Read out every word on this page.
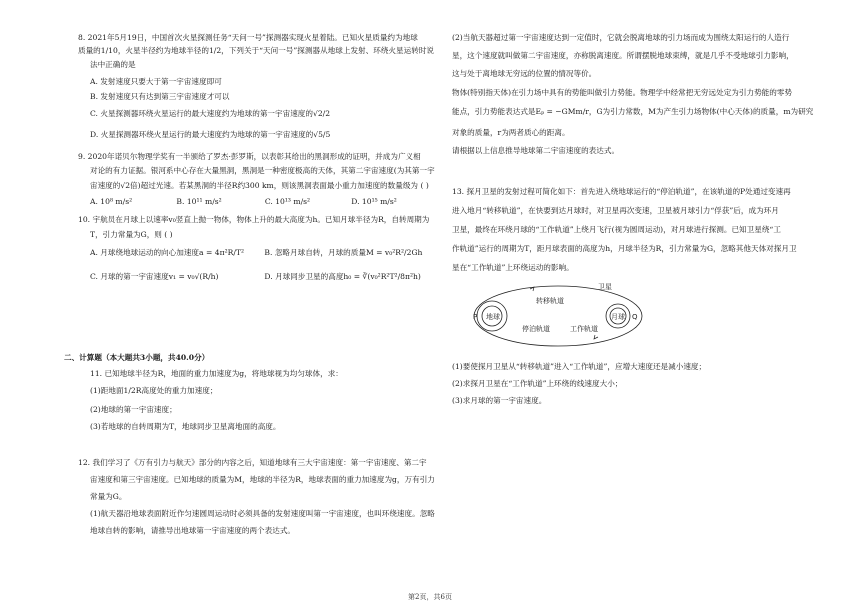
8. 2021年5月19日，中国首次火星探测任务“天问一号”探测器实现火星着陆。已知火星质量约为地球
质量的1/10，火星半径约为地球半径的1/2，下列关于“天问一号”探测器从地球上发射、环绕火星运转时说
法中正确的是
A. 发射速度只要大于第一宇宙速度即可
B. 发射速度只有达到第三宇宙速度才可以
C. 火星探测器环绕火星运行的最大速度约为地球的第一宇宙速度的√2/2
D. 火星探测器环绕火星运行的最大速度约为地球的第一宇宙速度的√5/5
9. 2020年诺贝尔物理学奖有一半颁给了罗杰·彭罗斯，以表彰其给出的黑洞形成的证明，并成为广义相
对论的有力证据。银河系中心存在大量黑洞，黑洞是一种密度极高的天体，其第二宇宙速度(为其第一宇
宙速度的√2倍)超过光速。若某黑洞的半径R约300 km，则该黑洞表面最小重力加速度的数量级为 ( )
A. 10⁸ m/s²	B. 10¹¹ m/s²	C. 10¹³ m/s²	D. 10¹⁵ m/s²
10. 宇航员在月球上以速率v₀竖直上抛一物体，物体上升的最大高度为h。已知月球半径为R，自转周期为
T，引力常量为G，则 ( )
A. 月球绕地球运动的向心加速度a = 4π²R/T²	B. 忽略月球自转，月球的质量M = v₀²R²/2Gh
C. 月球的第一宇宙速度v₁ = v₀√(R/h)	D. 月球同步卫星的高度h₀ = ∛(v₀²R²T²/8π²h)
二、计算题（本大题共3小题，共40.0分）
11. 已知地球半径为R，地面的重力加速度为g，将地球视为均匀球体，求：
(1)距地面1/2R高度处的重力加速度；
(2)地球的第一宇宙速度；
(3)若地球的自转周期为T，地球同步卫星离地面的高度。
12. 我们学习了《万有引力与航天》部分的内容之后，知道地球有三大宇宙速度：第一宇宙速度、第二宇
宙速度和第三宇宙速度。已知地球的质量为M，地球的半径为R，地球表面的重力加速度为g，万有引力
常量为G。
(1)航天器沿地球表面附近作匀速圆周运动时必须具备的发射速度叫第一宇宙速度，也叫环绕速度。忽略
地球自转的影响，请推导出地球第一宇宙速度的两个表达式。
(2)当航天器超过第一宇宙速度达到一定值时，它就会脱离地球的引力场而成为围绕太阳运行的人造行
星，这个速度就叫做第二宇宙速度，亦称脱离速度。所谓摆脱地球束缚，就是几乎不受地球引力影响，
这与处于离地球无穷远的位置的情况等价。
物体(特别指天体)在引力场中具有的势能叫做引力势能。物理学中经常把无穷远处定为引力势能的零势
能点，引力势能表达式是Eₚ = −GMm/r，G为引力常数，M为产生引力场物体(中心天体)的质量，m为研究
对象的质量，r为两者质心的距离。
请根据以上信息推导地球第二宇宙速度的表达式。
13. 探月卫星的发射过程可简化如下：首先进入绕地球运行的“停泊轨道”，在该轨道的P处通过变速再
进入地月“转移轨道”，在快要到达月球时，对卫星再次变速，卫星被月球引力“俘获”后，成为环月
卫星，最终在环绕月球的“工作轨道”上绕月飞行(视为圆周运动)，对月球进行探测。已知卫星绕“工
作轨道”运行的周期为T，距月球表面的高度为h，月球半径为R，引力常量为G，忽略其他天体对探月卫
星在“工作轨道”上环绕运动的影响。
(1)要使探月卫星从“转移轨道”进入“工作轨道”，应增大速度还是减小速度；
(2)求探月卫星在“工作轨道”上环绕的线速度大小；
(3)求月球的第一宇宙速度。
地球	月球
卫星
转移轨道
停泊轨道	工作轨道
P	Q
第2页，共6页
